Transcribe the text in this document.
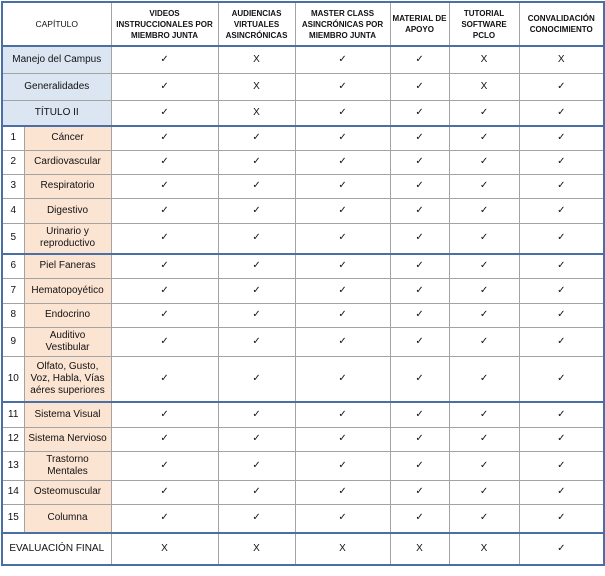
CAPÍTULO		VIDEOS INSTRUCCIONALES POR MIEMBRO JUNTA	AUDIENCIAS VIRTUALES ASINCRÓNICAS	MASTER CLASS ASINCRÓNICAS POR MIEMBRO JUNTA	MATERIAL DE APOYO	TUTORIAL SOFTWARE PCLO	CONVALIDACIÓN CONOCIMIENTO
Manejo del Campus		✓	X	✓	✓	X	X
Generalidades		✓	X	✓	✓	X	✓
TÍTULO II		✓	X	✓	✓	✓	✓
1	Cáncer	✓	✓	✓	✓	✓	✓
2	Cardiovascular	✓	✓	✓	✓	✓	✓
3	Respiratorio	✓	✓	✓	✓	✓	✓
4	Digestivo	✓	✓	✓	✓	✓	✓
5	Urinario y reproductivo	✓	✓	✓	✓	✓	✓
6	Piel Faneras	✓	✓	✓	✓	✓	✓
7	Hematopoyético	✓	✓	✓	✓	✓	✓
8	Endocrino	✓	✓	✓	✓	✓	✓
9	Auditivo Vestibular	✓	✓	✓	✓	✓	✓
10	Olfato, Gusto, Voz, Habla, Vías aéres superiores	✓	✓	✓	✓	✓	✓
11	Sistema Visual	✓	✓	✓	✓	✓	✓
12	Sistema Nervioso	✓	✓	✓	✓	✓	✓
13	Trastorno Mentales	✓	✓	✓	✓	✓	✓
14	Osteomuscular	✓	✓	✓	✓	✓	✓
15	Columna	✓	✓	✓	✓	✓	✓
EVALUACIÓN FINAL		X	X	X	X	X	✓
